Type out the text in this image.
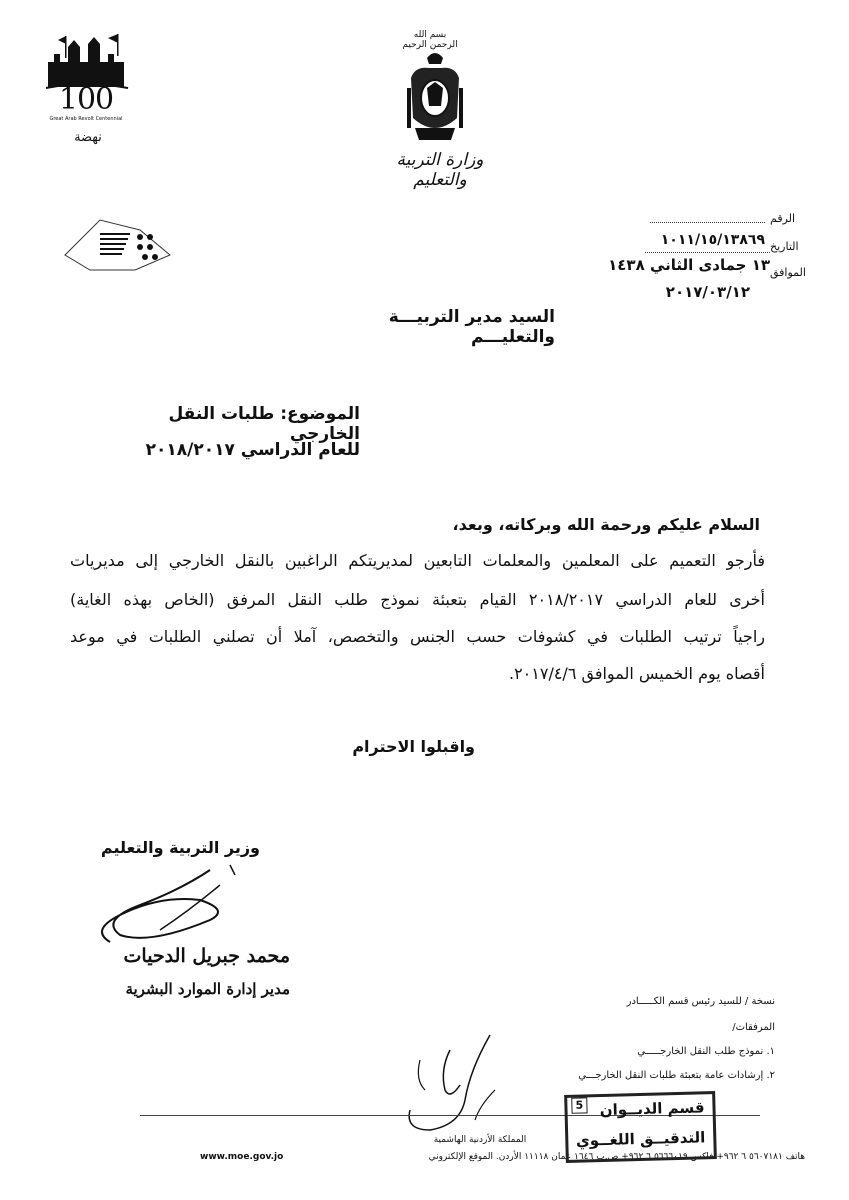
100
Great Arab Revolt Centennial
نهضة
بسم الله الرحمن الرحيم
وزارة التربية والتعليم
الرقم
التاريخ
١٠١١/١٥/١٣٨٦٩
الموافق
١٣ جمادى الثاني ١٤٣٨
٢٠١٧/٠٣/١٢
السيد مدير التربيـــة والتعليـــم
الموضوع: طلبات النقل الخارجي
للعام الدراسي ٢٠١٨/٢٠١٧
السلام عليكم ورحمة الله وبركاته، وبعد،
فأرجو التعميم على المعلمين والمعلمات التابعين لمديريتكم الراغبين بالنقل الخارجي إلى مديريات
أخرى للعام الدراسي ٢٠١٨/٢٠١٧ القيام بتعبئة نموذج طلب النقل المرفق (الخاص بهذه الغاية)
راجياً ترتيب الطلبات في كشوفات حسب الجنس والتخصص، آملا أن تصلني الطلبات في موعد
أقصاه يوم الخميس الموافق ٢٠١٧/٤/٦.
واقبلوا الاحترام
وزير التربية والتعليم
محمد جبريل الدحيات
مدير إدارة الموارد البشرية
نسخة / للسيد رئيس قسم الكـــــادر
المرفقات/
١. نموذج طلب النقل الخارجـــــي
٢. إرشادات عامة بتعبئة طلبات النقل الخارجـــي
المملكة الأردنية الهاشمية
هاتف ٥٦٠٧١٨١ ٦ ٩٦٢+ فاكس ٥٦٦٦٠١٩ ٦ ٩٦٢+ ص.ب ١٦٤٦ عمان ١١١١٨ الأردن. الموقع الإلكتروني
www.moe.gov.jo
قسم الديــوان
5
التدقيــق اللغــوي
